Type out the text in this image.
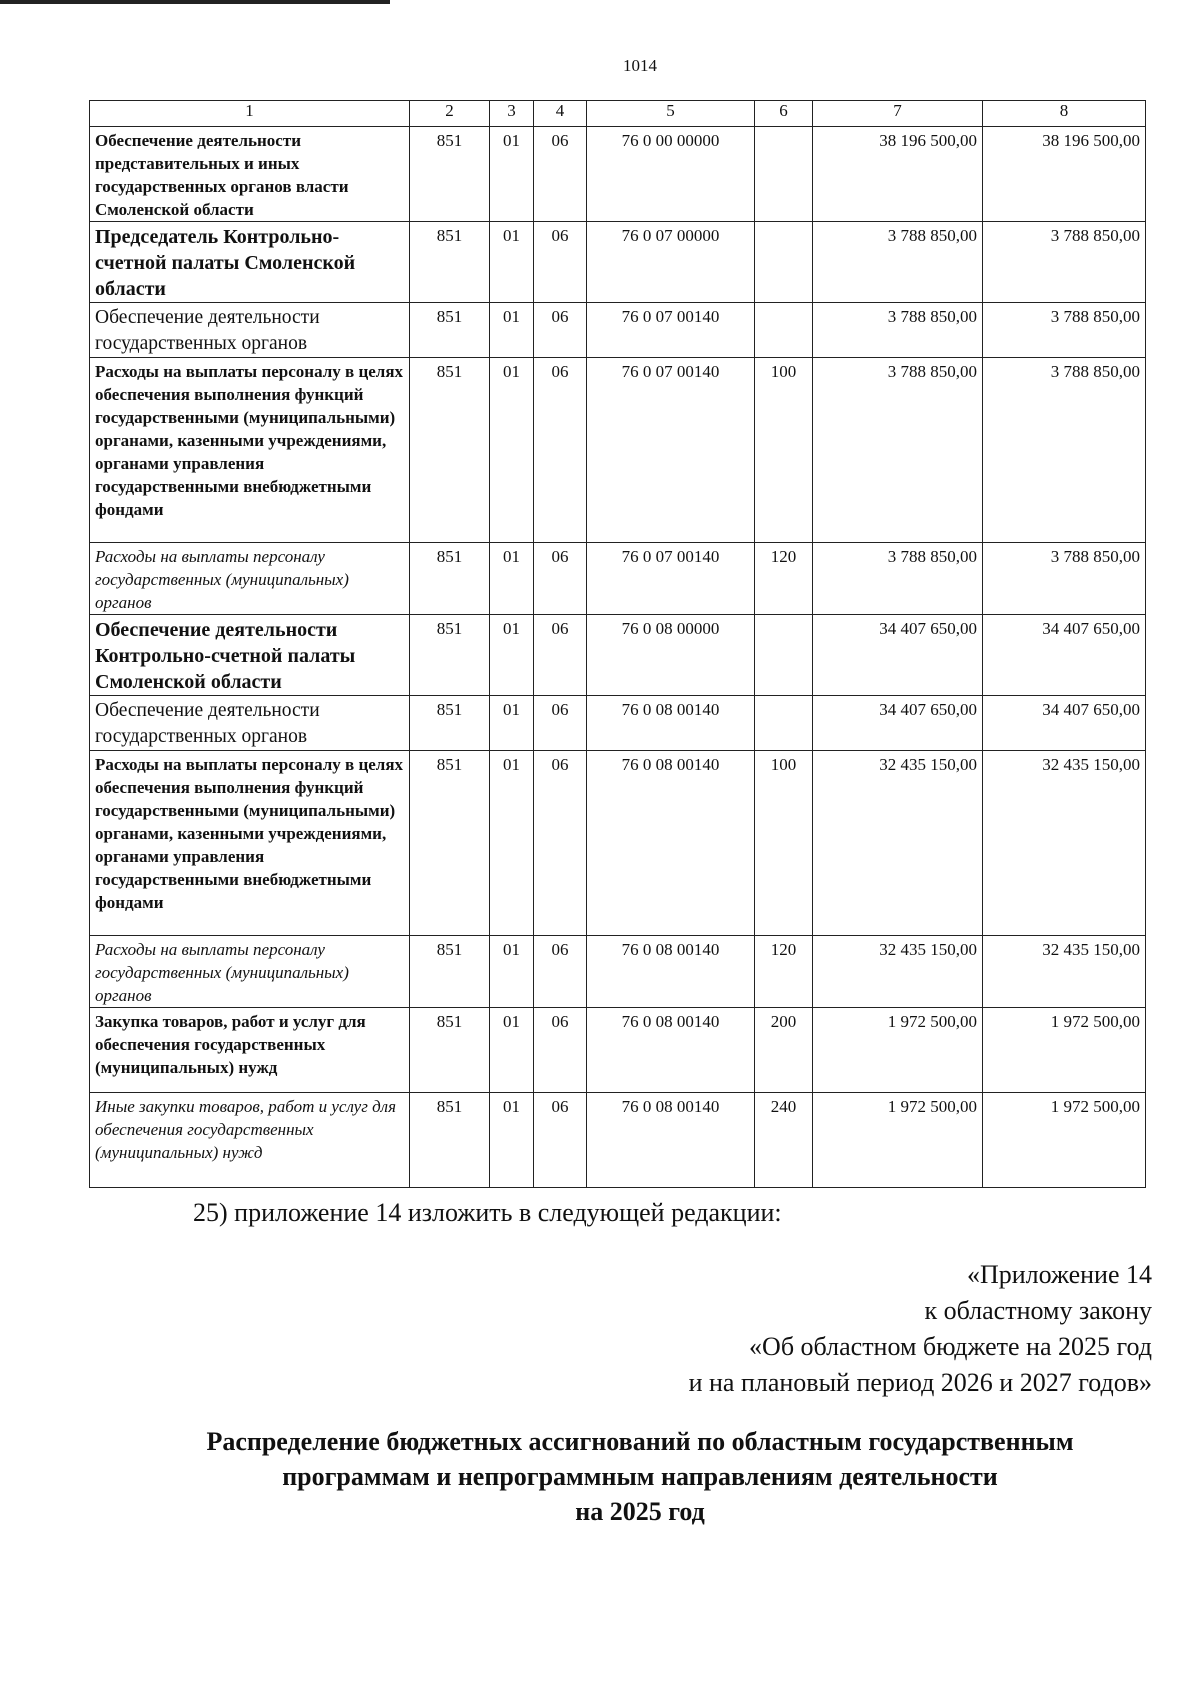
1014
1	2	3	4	5	6	7	8
Обеспечение деятельности представительных и иных государственных органов власти Смоленской области	851	01	06	76 0 00 00000		38 196 500,00	38 196 500,00
Председатель Контрольно-счетной палаты Смоленской области	851	01	06	76 0 07 00000		3 788 850,00	3 788 850,00
Обеспечение деятельности государственных органов	851	01	06	76 0 07 00140		3 788 850,00	3 788 850,00
Расходы на выплаты персоналу в целях обеспечения выполнения функций государственными (муниципальными) органами, казенными учреждениями, органами управления государственными внебюджетными фондами	851	01	06	76 0 07 00140	100	3 788 850,00	3 788 850,00
Расходы на выплаты персоналу государственных (муниципальных) органов	851	01	06	76 0 07 00140	120	3 788 850,00	3 788 850,00
Обеспечение деятельности Контрольно-счетной палаты Смоленской области	851	01	06	76 0 08 00000		34 407 650,00	34 407 650,00
Обеспечение деятельности государственных органов	851	01	06	76 0 08 00140		34 407 650,00	34 407 650,00
Расходы на выплаты персоналу в целях обеспечения выполнения функций государственными (муниципальными) органами, казенными учреждениями, органами управления государственными внебюджетными фондами	851	01	06	76 0 08 00140	100	32 435 150,00	32 435 150,00
Расходы на выплаты персоналу государственных (муниципальных) органов	851	01	06	76 0 08 00140	120	32 435 150,00	32 435 150,00
Закупка товаров, работ и услуг для обеспечения государственных (муниципальных) нужд	851	01	06	76 0 08 00140	200	1 972 500,00	1 972 500,00
Иные закупки товаров, работ и услуг для обеспечения государственных (муниципальных) нужд	851	01	06	76 0 08 00140	240	1 972 500,00	1 972 500,00
25) приложение 14 изложить в следующей редакции:
«Приложение 14
к областному закону
«Об областном бюджете на 2025 год
и на плановый период 2026 и 2027 годов»
Распределение бюджетных ассигнований по областным государственным
программам и непрограммным направлениям деятельности
на 2025 год
